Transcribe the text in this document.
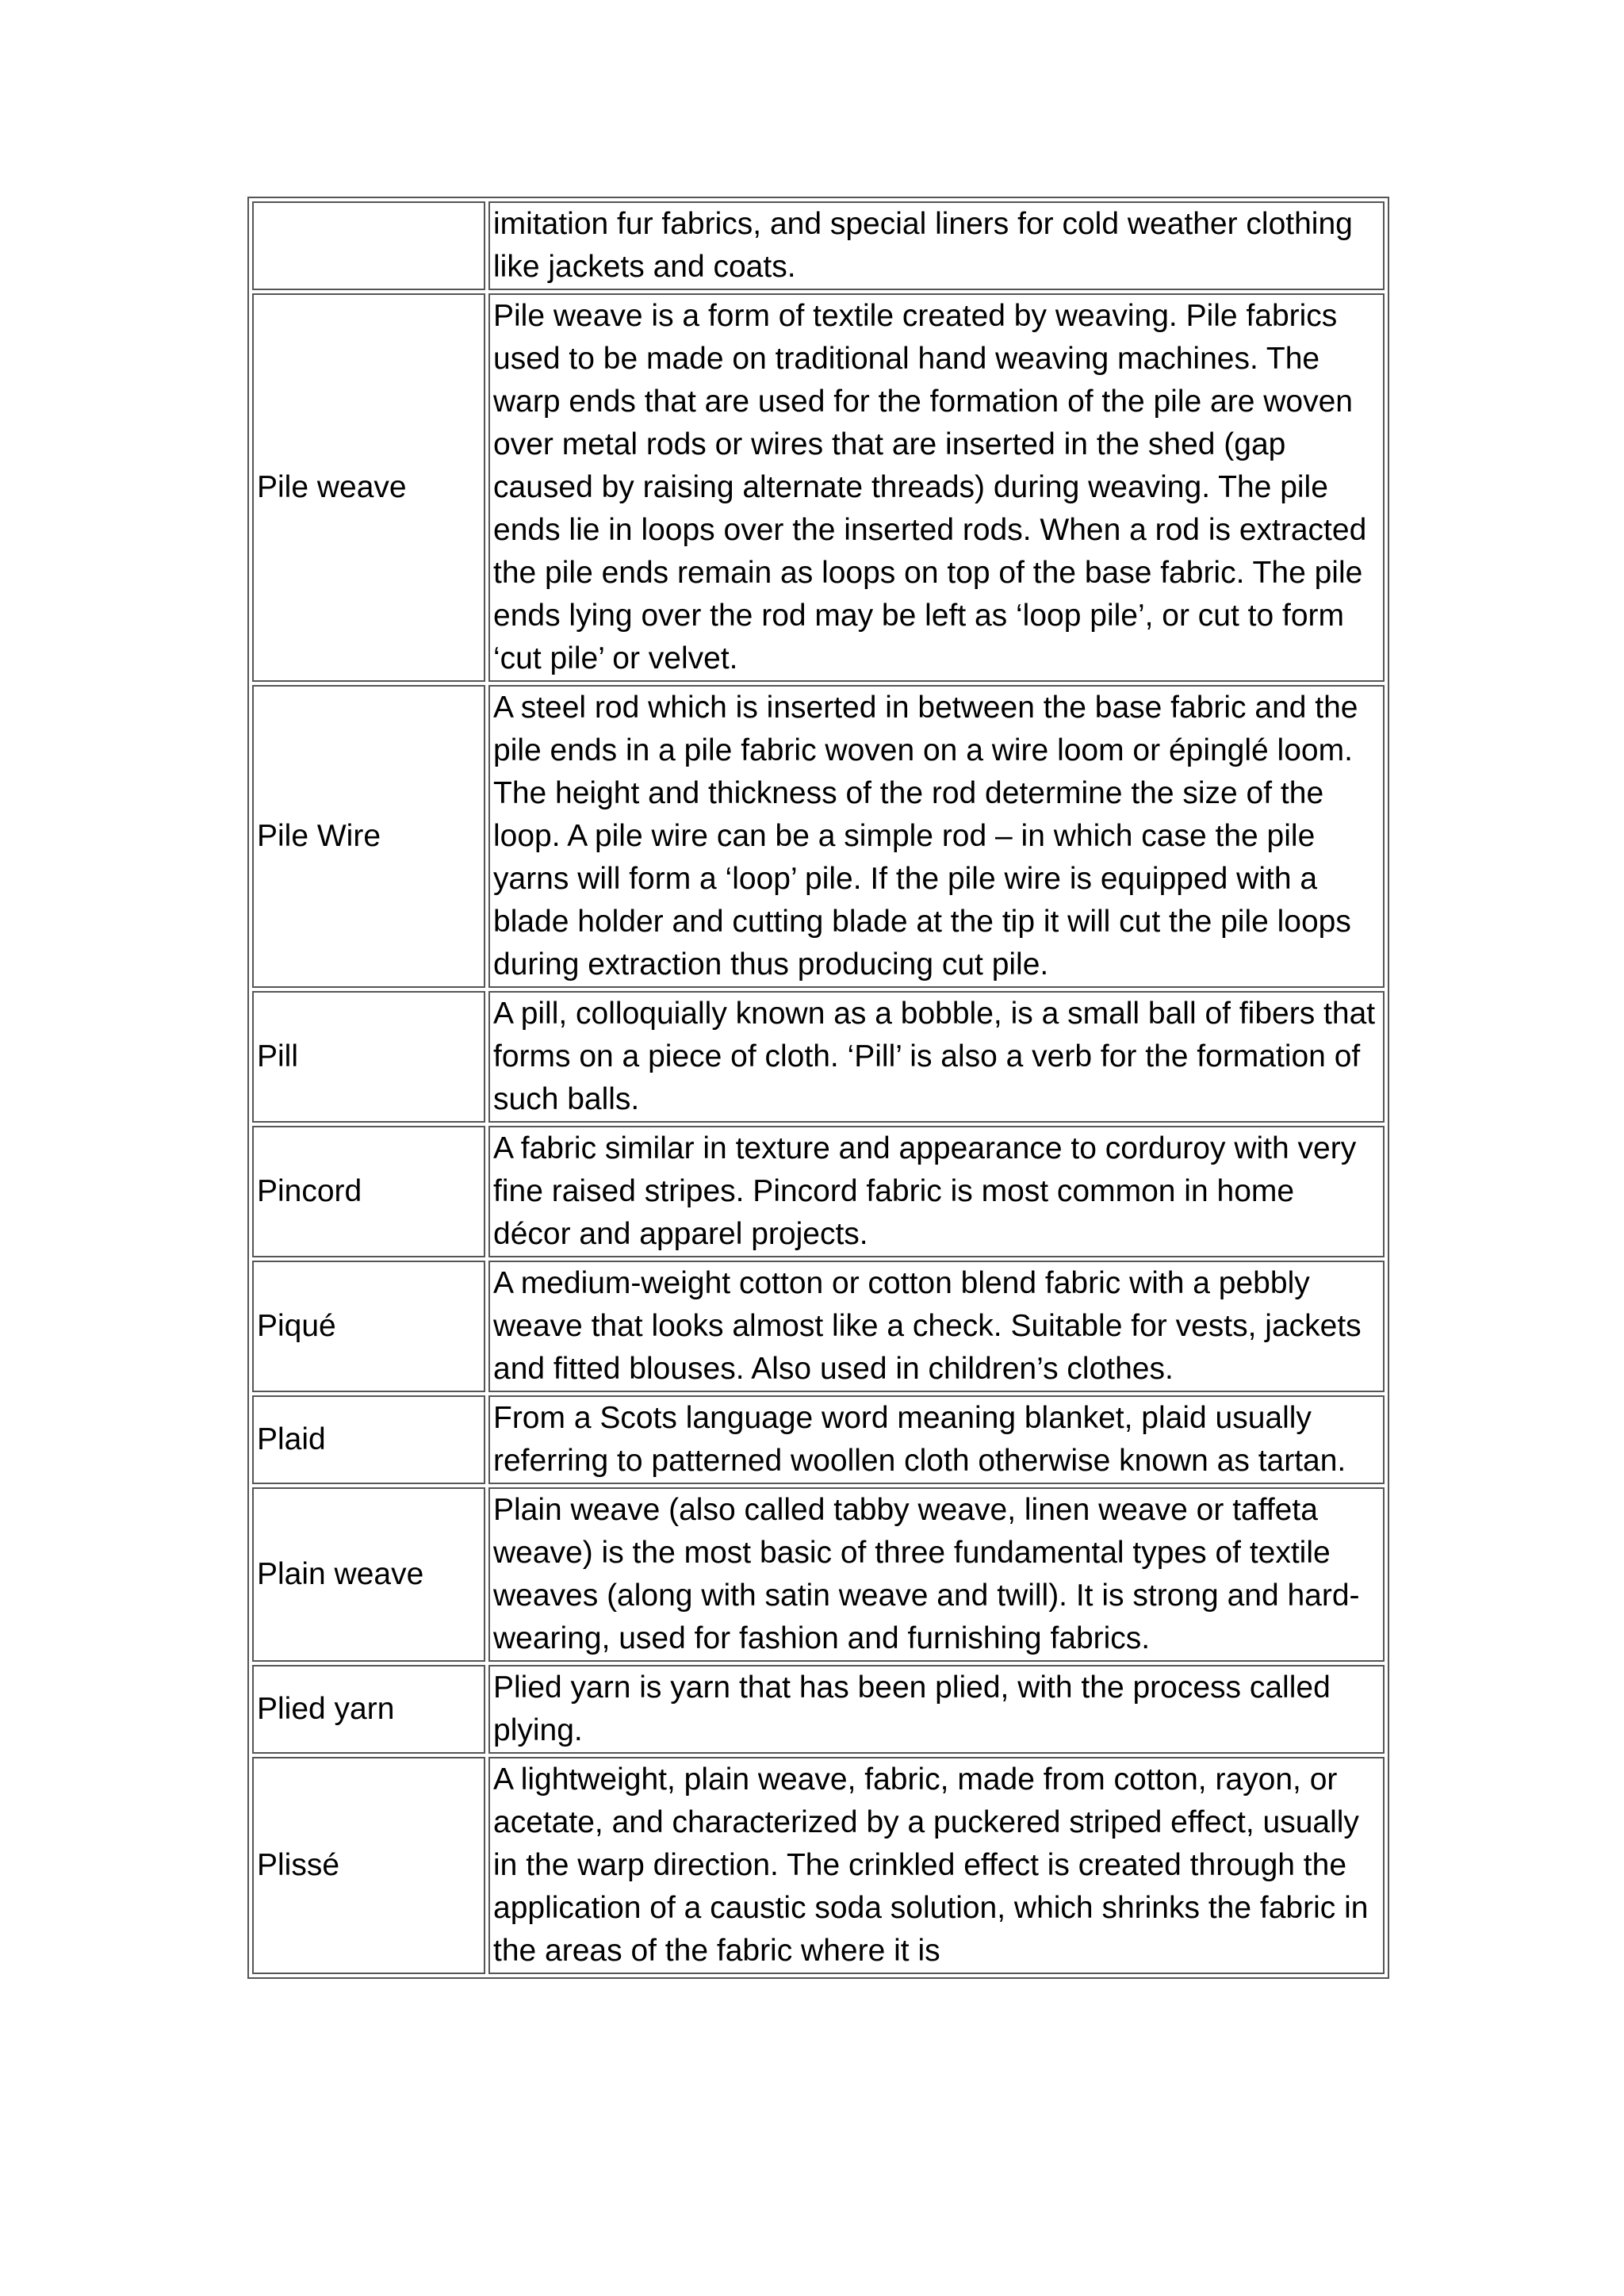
	imitation fur fabrics, and special liners for cold weather clothing like jackets and coats.
Pile weave	Pile weave is a form of textile created by weaving. Pile fabrics used to be made on traditional hand weaving machines. The warp ends that are used for the formation of the pile are woven over metal rods or wires that are inserted in the shed (gap caused by raising alternate threads) during weaving. The pile ends lie in loops over the inserted rods. When a rod is extracted the pile ends remain as loops on top of the base fabric. The pile ends lying over the rod may be left as ‘loop pile’, or cut to form ‘cut pile’ or velvet.
Pile Wire	A steel rod which is inserted in between the base fabric and the pile ends in a pile fabric woven on a wire loom or épinglé loom. The height and thickness of the rod determine the size of the loop. A pile wire can be a simple rod – in which case the pile yarns will form a ‘loop’ pile. If the pile wire is equipped with a blade holder and cutting blade at the tip it will cut the pile loops during extraction thus producing cut pile.
Pill	A pill, colloquially known as a bobble, is a small ball of fibers that forms on a piece of cloth. ‘Pill’ is also a verb for the formation of such balls.
Pincord	A fabric similar in texture and appearance to corduroy with very fine raised stripes. Pincord fabric is most common in home décor and apparel projects.
Piqué	A medium-weight cotton or cotton blend fabric with a pebbly weave that looks almost like a check. Suitable for vests, jackets and fitted blouses. Also used in children’s clothes.
Plaid	From a Scots language word meaning blanket, plaid usually referring to patterned woollen cloth otherwise known as tartan.
Plain weave	Plain weave (also called tabby weave, linen weave or taffeta weave) is the most basic of three fundamental types of textile weaves (along with satin weave and twill). It is strong and hard-wearing, used for fashion and furnishing fabrics.
Plied yarn	Plied yarn is yarn that has been plied, with the process called plying.
Plissé	A lightweight, plain weave, fabric, made from cotton, rayon, or acetate, and characterized by a puckered striped effect, usually in the warp direction. The crinkled effect is created through the application of a caustic soda solution, which shrinks the fabric in the areas of the fabric where it is
